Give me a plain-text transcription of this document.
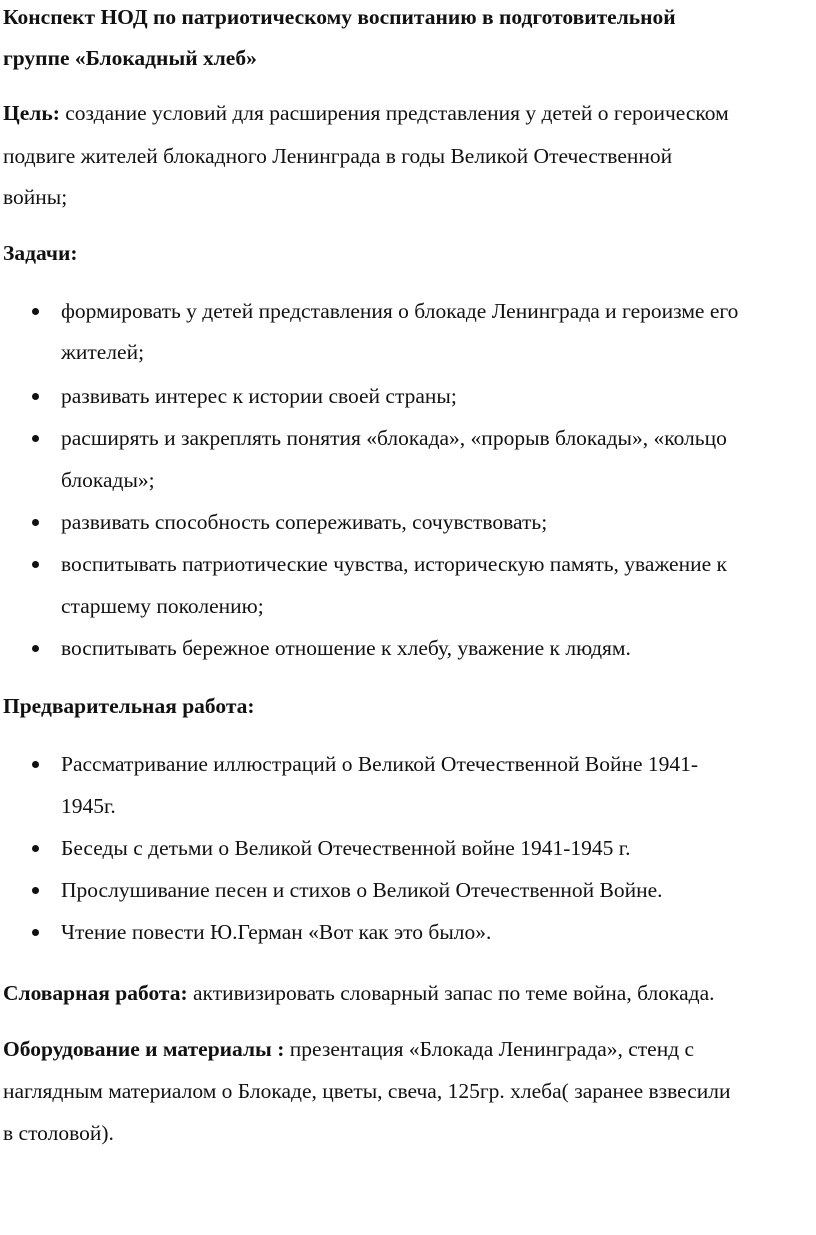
Конспект НОД по патриотическому воспитанию в подготовительной
группе «Блокадный хлеб»
Цель: создание условий для расширения представления у детей о героическом
подвиге жителей блокадного Ленинграда в годы Великой Отечественной
войны;
Задачи:
формировать у детей представления о блокаде Ленинграда и героизме его
жителей;
развивать интерес к истории своей страны;
расширять и закреплять понятия «блокада», «прорыв блокады», «кольцо
блокады»;
развивать способность сопереживать, сочувствовать;
воспитывать патриотические чувства, историческую память, уважение к
старшему поколению;
воспитывать бережное отношение к хлебу, уважение к людям.
Предварительная работа:
Рассматривание иллюстраций о Великой Отечественной Войне 1941-
1945г.
Беседы с детьми о Великой Отечественной войне 1941-1945 г.
Прослушивание песен и стихов о Великой Отечественной Войне.
Чтение повести Ю.Герман «Вот как это было».
Словарная работа: активизировать словарный запас по теме война, блокада.
Оборудование и материалы : презентация «Блокада Ленинграда», стенд с
наглядным материалом о Блокаде, цветы, свеча, 125гр. хлеба( заранее взвесили
в столовой).
